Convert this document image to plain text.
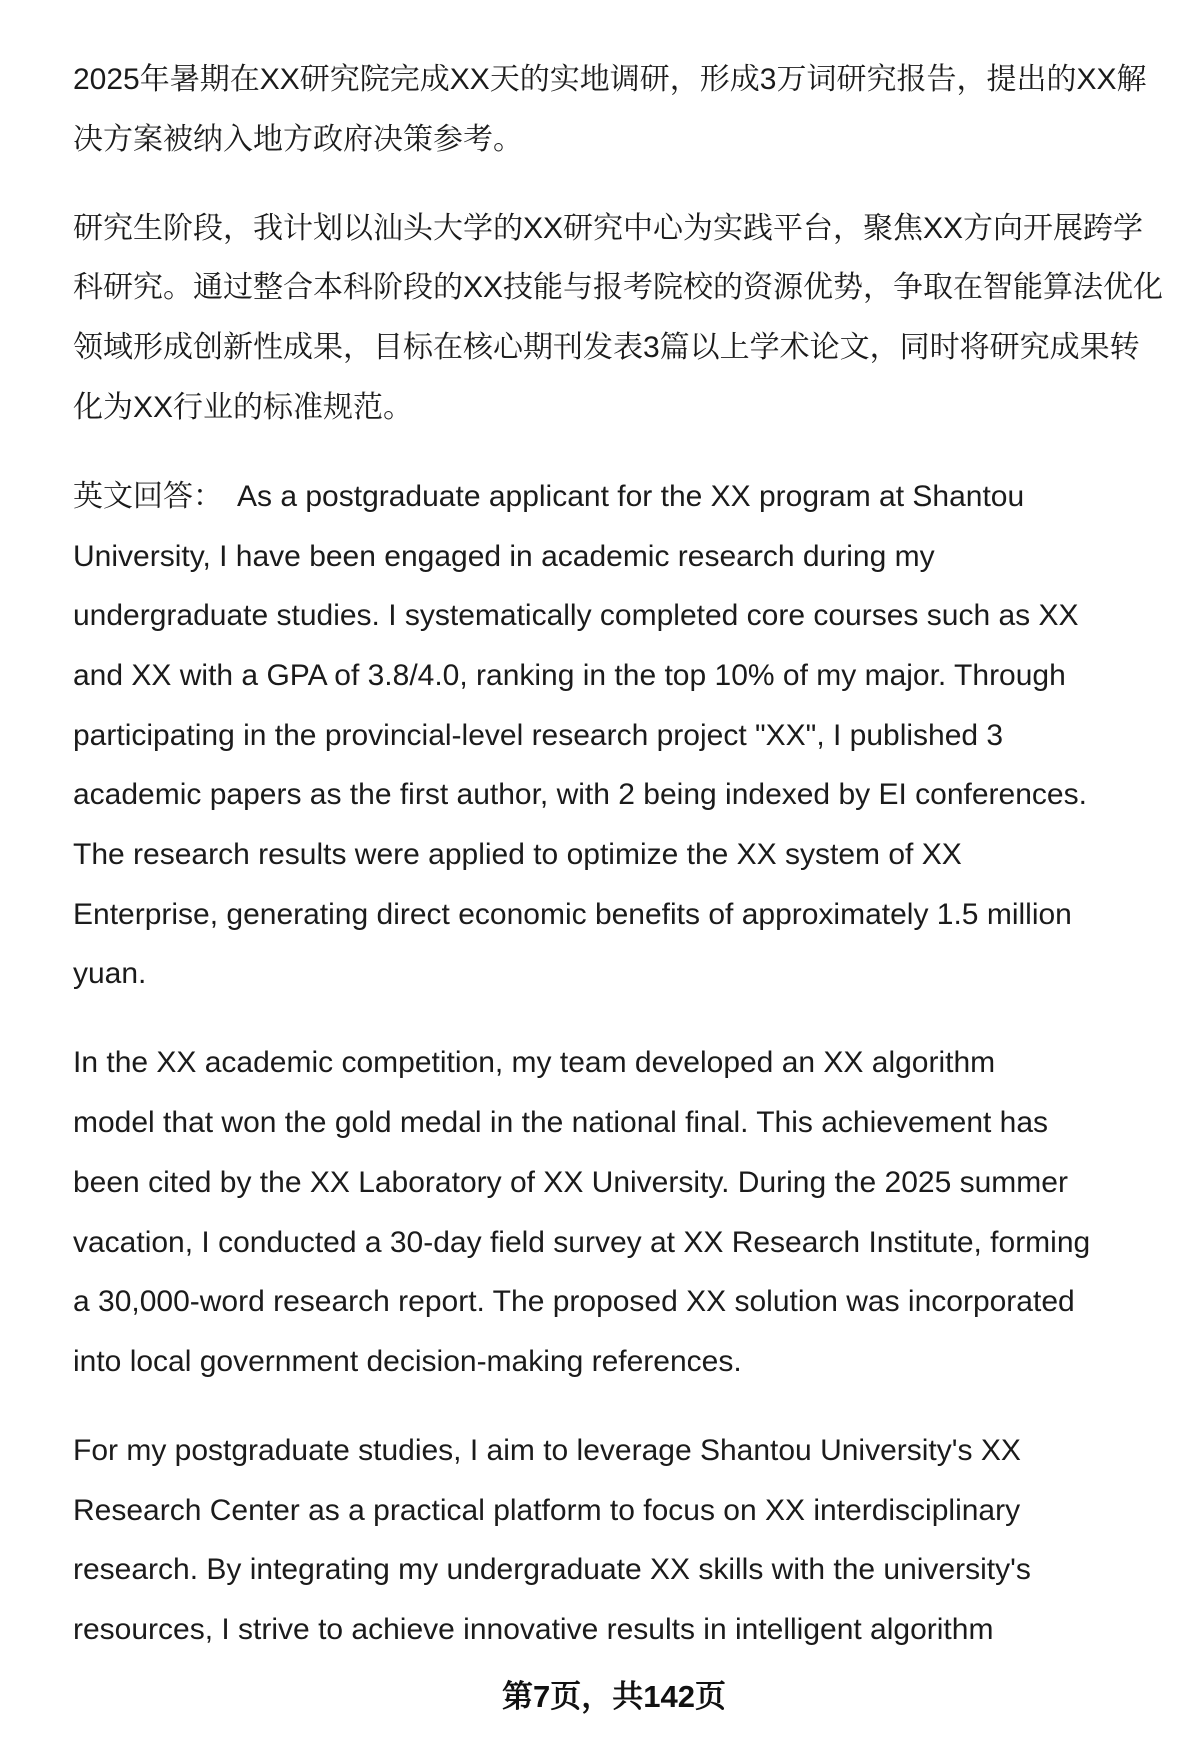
2025年暑期在XX研究院完成XX天的实地调研，形成3万词研究报告，提出的XX解
决方案被纳入地方政府决策参考。
研究生阶段，我计划以汕头大学的XX研究中心为实践平台，聚焦XX方向开展跨学
科研究。通过整合本科阶段的XX技能与报考院校的资源优势，争取在智能算法优化
领域形成创新性成果，目标在核心期刊发表3篇以上学术论文，同时将研究成果转
化为XX行业的标准规范。
英文回答： As a postgraduate applicant for the XX program at Shantou
University, I have been engaged in academic research during my
undergraduate studies. I systematically completed core courses such as XX
and XX with a GPA of 3.8/4.0, ranking in the top 10% of my major. Through
participating in the provincial-level research project "XX", I published 3
academic papers as the first author, with 2 being indexed by EI conferences.
The research results were applied to optimize the XX system of XX
Enterprise, generating direct economic benefits of approximately 1.5 million
yuan.
In the XX academic competition, my team developed an XX algorithm
model that won the gold medal in the national final. This achievement has
been cited by the XX Laboratory of XX University. During the 2025 summer
vacation, I conducted a 30-day field survey at XX Research Institute, forming
a 30,000-word research report. The proposed XX solution was incorporated
into local government decision-making references.
For my postgraduate studies, I aim to leverage Shantou University's XX
Research Center as a practical platform to focus on XX interdisciplinary
research. By integrating my undergraduate XX skills with the university's
resources, I strive to achieve innovative results in intelligent algorithm
第7页，共142页
